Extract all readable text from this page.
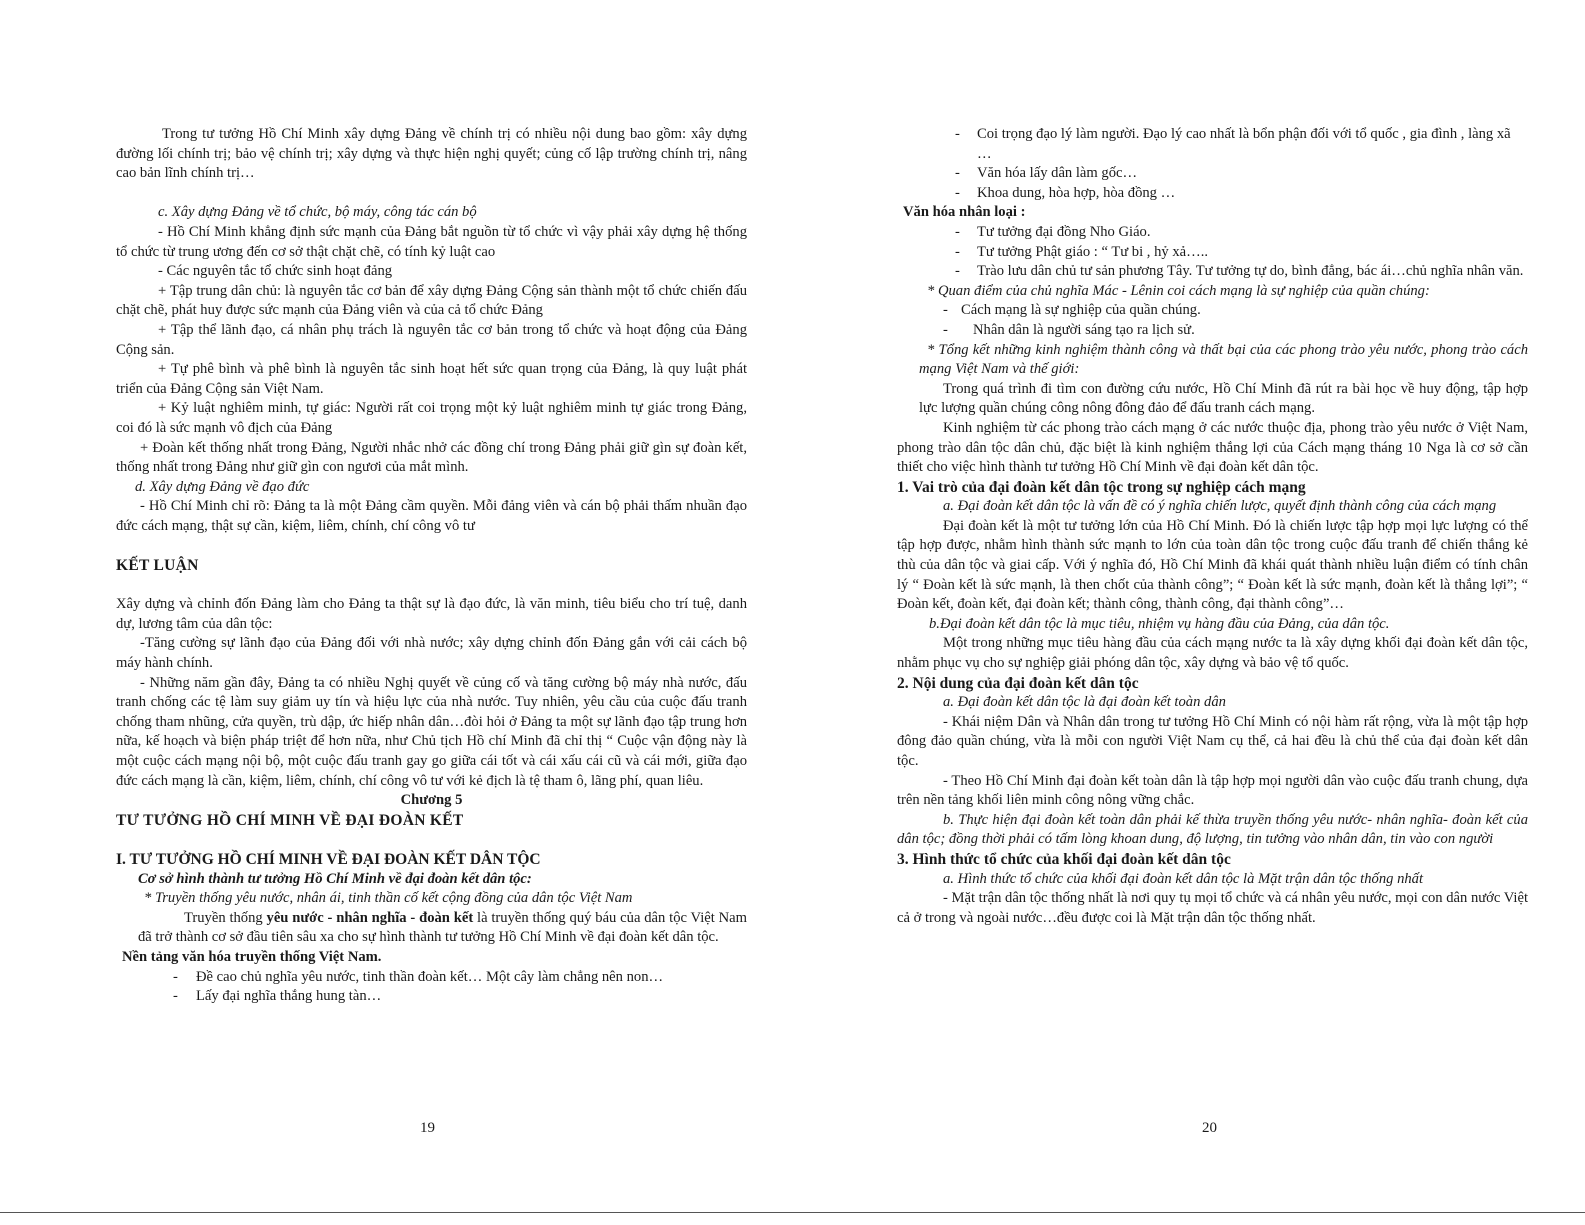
Trong tư tưởng Hồ Chí Minh xây dựng Đảng về chính trị có nhiều nội dung bao gồm: xây dựng đường lối chính trị; bảo vệ chính trị; xây dựng và thực hiện nghị quyết; củng cố lập trường chính trị, nâng cao bản lĩnh chính trị…

c. Xây dựng Đảng về tổ chức, bộ máy, công tác cán bộ

- Hồ Chí Minh khẳng định sức mạnh của Đảng bắt nguồn từ tổ chức vì vậy phải xây dựng hệ thống tổ chức từ trung ương đến cơ sở thật chặt chẽ, có tính kỷ luật cao

- Các nguyên tắc tổ chức sinh hoạt đảng

+ Tập trung dân chủ: là nguyên tắc cơ bản để xây dựng Đảng Cộng sản thành một tổ chức chiến đấu chặt chẽ, phát huy được sức mạnh của Đảng viên và của cả tổ chức Đảng

+ Tập thể lãnh đạo, cá nhân phụ trách là nguyên tắc cơ bản trong tổ chức và hoạt động của Đảng Cộng sản.

+ Tự phê bình và phê bình là nguyên tắc sinh hoạt hết sức quan trọng của Đảng, là quy luật phát triển của Đảng Cộng sản Việt Nam.

+ Kỷ luật nghiêm minh, tự giác: Người rất coi trọng một kỷ luật nghiêm minh tự giác trong Đảng, coi đó là sức mạnh vô địch của Đảng

+ Đoàn kết thống nhất trong Đảng, Người nhắc nhở các đồng chí trong Đảng phải giữ gìn sự đoàn kết, thống nhất trong Đảng như giữ gìn con ngươi của mắt mình.

d. Xây dựng Đảng về đạo đức

- Hồ Chí Minh chỉ rõ: Đảng ta là một Đảng cầm quyền. Mỗi đảng viên và cán bộ phải thấm nhuần đạo đức cách mạng, thật sự cần, kiệm, liêm, chính, chí công vô tư

KẾT LUẬN

Xây dựng và chỉnh đốn Đảng làm cho Đảng ta thật sự là đạo đức, là văn minh, tiêu biểu cho trí tuệ, danh dự, lương tâm của dân tộc:

-Tăng cường sự lãnh đạo của Đảng đối với nhà nước; xây dựng chỉnh đốn Đảng gắn với cải cách bộ máy hành chính.

- Những năm gần đây, Đảng ta có nhiều Nghị quyết về củng cố và tăng cường bộ máy nhà nước, đấu tranh chống các tệ làm suy giảm uy tín và hiệu lực của nhà nước. Tuy nhiên, yêu cầu của cuộc đấu tranh chống tham nhũng, cửa quyền, trù dập, ức hiếp nhân dân…đòi hỏi ở Đảng ta một sự lãnh đạo tập trung hơn nữa, kế hoạch và biện pháp triệt để hơn nữa, như Chủ tịch Hồ chí Minh đã chỉ thị “ Cuộc vận động này là một cuộc cách mạng nội bộ, một cuộc đấu tranh gay go giữa cái tốt và cái xấu cái cũ và cái mới, giữa đạo đức cách mạng là cần, kiệm, liêm, chính, chí công vô tư với kẻ địch là tệ tham ô, lãng phí, quan liêu.

Chương 5

TƯ TƯỞNG HỒ CHÍ MINH VỀ ĐẠI ĐOÀN KẾT

I. TƯ TƯỞNG HỒ CHÍ MINH VỀ ĐẠI ĐOÀN KẾT DÂN TỘC

Cơ sở hình thành tư tưởng Hồ Chí Minh về đại đoàn kết dân tộc:

* Truyền thống yêu nước, nhân ái, tinh thần cố kết cộng đồng của dân tộc Việt Nam

Truyền thống yêu nước - nhân nghĩa - đoàn kết là truyền thống quý báu của dân tộc Việt Nam đã trở thành cơ sở đầu tiên sâu xa cho sự hình thành tư tưởng Hồ Chí Minh về đại đoàn kết dân tộc.

Nền tảng văn hóa truyền thống Việt Nam.

- Đề cao chủ nghĩa yêu nước, tinh thần đoàn kết… Một cây làm chẳng nên non…
- Lấy đại nghĩa thắng hung tàn…
- Coi trọng đạo lý làm người. Đạo lý cao nhất là bổn phận đối với tổ quốc , gia đình , làng xã …
- Văn hóa lấy dân làm gốc…
- Khoa dung, hòa hợp, hòa đồng …

Văn hóa nhân loại :

- Tư tưởng đại đồng Nho Giáo.
- Tư tưởng Phật giáo : “ Tư bi , hỷ xả…..
- Trào lưu dân chủ tư sản phương Tây. Tư tưởng tự do, bình đẳng, bác ái…chủ nghĩa nhân văn.

* Quan điểm của chủ nghĩa Mác - Lênin coi cách mạng là sự nghiệp của quần chúng:

- Cách mạng là sự nghiệp của quần chúng.
- Nhân dân là người sáng tạo ra lịch sử.

* Tổng kết những kinh nghiệm thành công và thất bại của các phong trào yêu nước, phong trào cách mạng Việt Nam và thế giới:

Trong quá trình đi tìm con đường cứu nước, Hồ Chí Minh đã rút ra bài học về huy động, tập hợp lực lượng quần chúng công nông đông đảo để đấu tranh cách mạng.

Kinh nghiệm từ các phong trào cách mạng ở các nước thuộc địa, phong trào yêu nước ở Việt Nam, phong trào dân tộc dân chủ, đặc biệt là kinh nghiệm thắng lợi của Cách mạng tháng 10 Nga là cơ sở cần thiết cho việc hình thành tư tưởng Hồ Chí Minh về đại đoàn kết dân tộc.

1. Vai trò của đại đoàn kết dân tộc trong sự nghiệp cách mạng

a. Đại đoàn kết dân tộc là vấn đề có ý nghĩa chiến lược, quyết định thành công của cách mạng

Đại đoàn kết là một tư tưởng lớn của Hồ Chí Minh. Đó là chiến lược tập hợp mọi lực lượng có thể tập hợp được, nhằm hình thành sức mạnh to lớn của toàn dân tộc trong cuộc đấu tranh để chiến thắng kẻ thù của dân tộc và giai cấp. Với ý nghĩa đó, Hồ Chí Minh đã khái quát thành nhiều luận điểm có tính chân lý “ Đoàn kết là sức mạnh, là then chốt của thành công”; “ Đoàn kết là sức mạnh, đoàn kết là thắng lợi”; “ Đoàn kết, đoàn kết, đại đoàn kết; thành công, thành công, đại thành công”…

b.Đại đoàn kết dân tộc là mục tiêu, nhiệm vụ hàng đầu của Đảng, của dân tộc.

Một trong những mục tiêu hàng đầu của cách mạng nước ta là xây dựng khối đại đoàn kết dân tộc, nhằm phục vụ cho sự nghiệp giải phóng dân tộc, xây dựng và bảo vệ tổ quốc.

2. Nội dung của đại đoàn kết dân tộc

a. Đại đoàn kết dân tộc là đại đoàn kết toàn dân

- Khái niệm Dân và Nhân dân trong tư tưởng Hồ Chí Minh có nội hàm rất rộng, vừa là một tập hợp đông đảo quần chúng, vừa là mỗi con người Việt Nam cụ thể, cả hai đều là chủ thể của đại đoàn kết dân tộc.

- Theo Hồ Chí Minh đại đoàn kết toàn dân là tập hợp mọi người dân vào cuộc đấu tranh chung, dựa trên nền tảng khối liên minh công nông vững chắc.

b. Thực hiện đại đoàn kết toàn dân phải kế thừa truyền thống yêu nước- nhân nghĩa- đoàn kết của dân tộc; đồng thời phải có tấm lòng khoan dung, độ lượng, tin tưởng vào nhân dân, tin vào con người

3. Hình thức tổ chức của khối đại đoàn kết dân tộc

a. Hình thức tổ chức của khối đại đoàn kết dân tộc là Mặt trận dân tộc thống nhất

- Mặt trận dân tộc thống nhất là nơi quy tụ mọi tổ chức và cá nhân yêu nước, mọi con dân nước Việt cả ở trong và ngoài nước…đều được coi là Mặt trận dân tộc thống nhất.

19	20
